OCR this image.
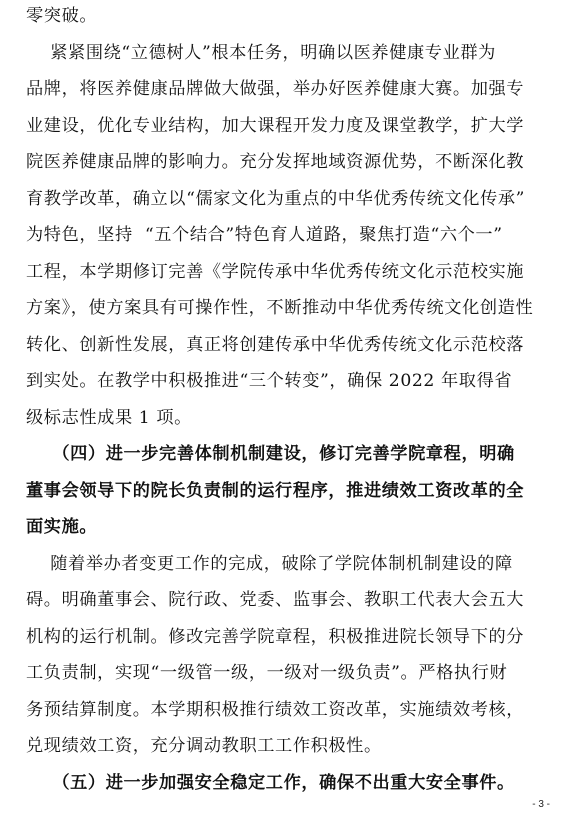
零突破。
紧紧围绕“立德树人”根本任务，明确以医养健康专业群为
品牌，将医养健康品牌做大做强，举办好医养健康大赛。加强专
业建设，优化专业结构，加大课程开发力度及课堂教学，扩大学
院医养健康品牌的影响力。充分发挥地域资源优势，不断深化教
育教学改革，确立以“儒家文化为重点的中华优秀传统文化传承”
为特色，坚持  “五个结合”特色育人道路，聚焦打造“六个一”
工程，本学期修订完善《学院传承中华优秀传统文化示范校实施
方案》，使方案具有可操作性，不断推动中华优秀传统文化创造性
转化、创新性发展，真正将创建传承中华优秀传统文化示范校落
到实处。在教学中积极推进“三个转变”，确保 2022 年取得省
级标志性成果 1 项。
（四）进一步完善体制机制建设，修订完善学院章程，明确
董事会领导下的院长负责制的运行程序，推进绩效工资改革的全
面实施。
随着举办者变更工作的完成，破除了学院体制机制建设的障
碍。明确董事会、院行政、党委、监事会、教职工代表大会五大
机构的运行机制。修改完善学院章程，积极推进院长领导下的分
工负责制，实现“一级管一级，一级对一级负责”。严格执行财
务预结算制度。本学期积极推行绩效工资改革，实施绩效考核，
兑现绩效工资，充分调动教职工工作积极性。
（五）进一步加强安全稳定工作，确保不出重大安全事件。
- 3 -
